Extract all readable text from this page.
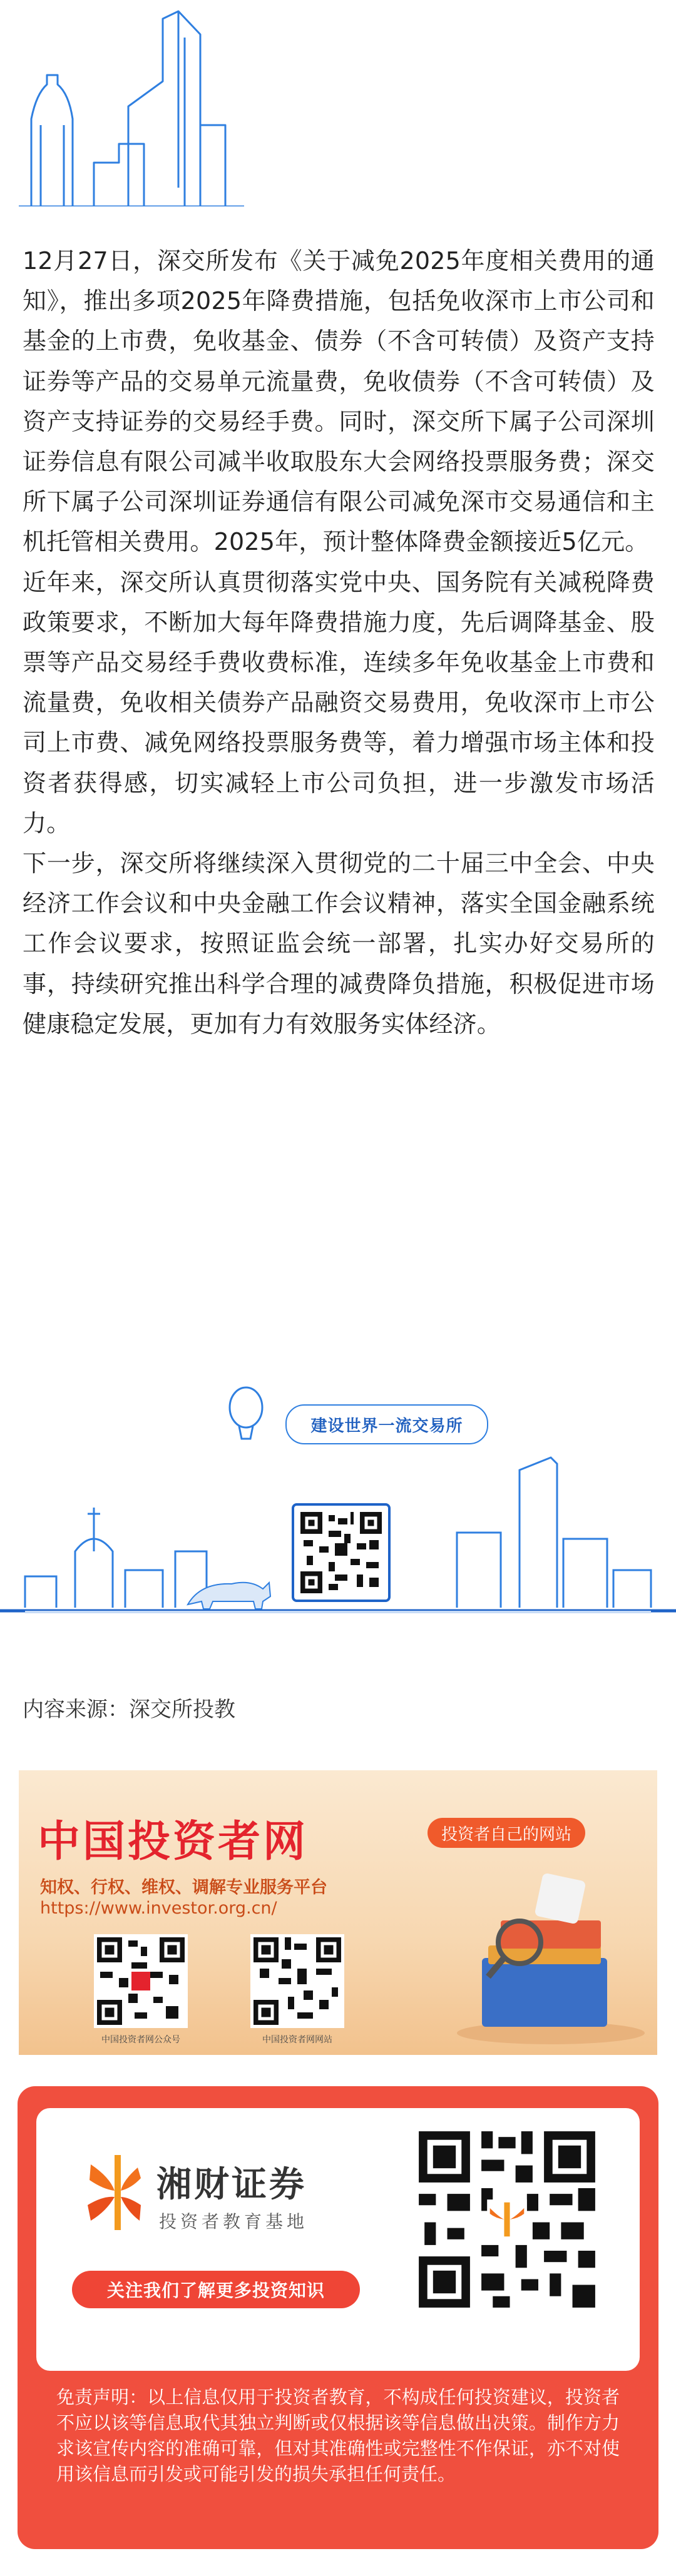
12月27日，深交所发布《关于减免2025年度相关费用的通知》，推出多项2025年降费措施，包括免收深市上市公司和基金的上市费，免收基金、债券（不含可转债）及资产支持证券等产品的交易单元流量费，免收债券（不含可转债）及资产支持证券的交易经手费。同时，深交所下属子公司深圳证券信息有限公司减半收取股东大会网络投票服务费；深交所下属子公司深圳证券通信有限公司减免深市交易通信和主机托管相关费用。2025年，预计整体降费金额接近5亿元。

近年来，深交所认真贯彻落实党中央、国务院有关减税降费政策要求，不断加大每年降费措施力度，先后调降基金、股票等产品交易经手费收费标准，连续多年免收基金上市费和流量费，免收相关债券产品融资交易费用，免收深市上市公司上市费、减免网络投票服务费等，着力增强市场主体和投资者获得感，切实减轻上市公司负担，进一步激发市场活力。

下一步，深交所将继续深入贯彻党的二十届三中全会、中央经济工作会议和中央金融工作会议精神，落实全国金融系统工作会议要求，按照证监会统一部署，扎实办好交易所的事，持续研究推出科学合理的减费降负措施，积极促进市场健康稳定发展，更加有力有效服务实体经济。

建设世界一流交易所
内容来源：深交所投教
中国投资者网	投资者自己的网站
知权、行权、维权、调解专业服务平台
https://www.investor.org.cn/
中国投资者网公众号	中国投资者网网站
湘财证券
投资者教育基地
关注我们了解更多投资知识
免责声明：以上信息仅用于投资者教育，不构成任何投资建议，投资者不应以该等信息取代其独立判断或仅根据该等信息做出决策。制作方力求该宣传内容的准确可靠，但对其准确性或完整性不作保证，亦不对使用该信息而引发或可能引发的损失承担任何责任。
